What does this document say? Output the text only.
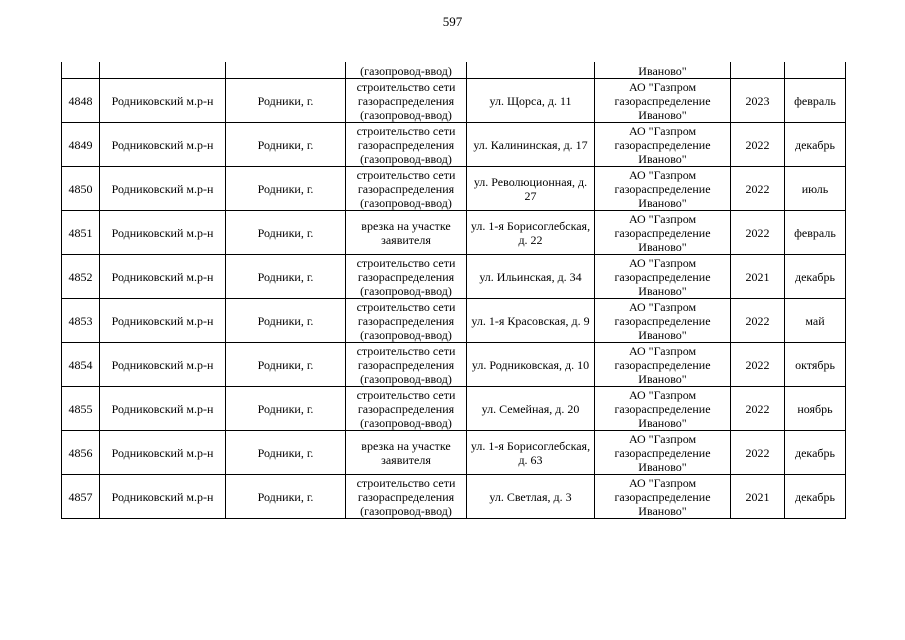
597
			(газопровод-ввод)		Иваново"		
4848	Родниковский м.р-н	Родники, г.	строительство сети газораспределения (газопровод-ввод)	ул. Щорса, д. 11	АО "Газпром газораспределение Иваново"	2023	февраль
4849	Родниковский м.р-н	Родники, г.	строительство сети газораспределения (газопровод-ввод)	ул. Калининская, д. 17	АО "Газпром газораспределение Иваново"	2022	декабрь
4850	Родниковский м.р-н	Родники, г.	строительство сети газораспределения (газопровод-ввод)	ул. Революционная, д. 27	АО "Газпром газораспределение Иваново"	2022	июль
4851	Родниковский м.р-н	Родники, г.	врезка на участке заявителя	ул. 1-я Борисоглебская, д. 22	АО "Газпром газораспределение Иваново"	2022	февраль
4852	Родниковский м.р-н	Родники, г.	строительство сети газораспределения (газопровод-ввод)	ул. Ильинская, д. 34	АО "Газпром газораспределение Иваново"	2021	декабрь
4853	Родниковский м.р-н	Родники, г.	строительство сети газораспределения (газопровод-ввод)	ул. 1-я Красовская, д. 9	АО "Газпром газораспределение Иваново"	2022	май
4854	Родниковский м.р-н	Родники, г.	строительство сети газораспределения (газопровод-ввод)	ул. Родниковская, д. 10	АО "Газпром газораспределение Иваново"	2022	октябрь
4855	Родниковский м.р-н	Родники, г.	строительство сети газораспределения (газопровод-ввод)	ул. Семейная, д. 20	АО "Газпром газораспределение Иваново"	2022	ноябрь
4856	Родниковский м.р-н	Родники, г.	врезка на участке заявителя	ул. 1-я Борисоглебская, д. 63	АО "Газпром газораспределение Иваново"	2022	декабрь
4857	Родниковский м.р-н	Родники, г.	строительство сети газораспределения (газопровод-ввод)	ул. Светлая, д. 3	АО "Газпром газораспределение Иваново"	2021	декабрь
